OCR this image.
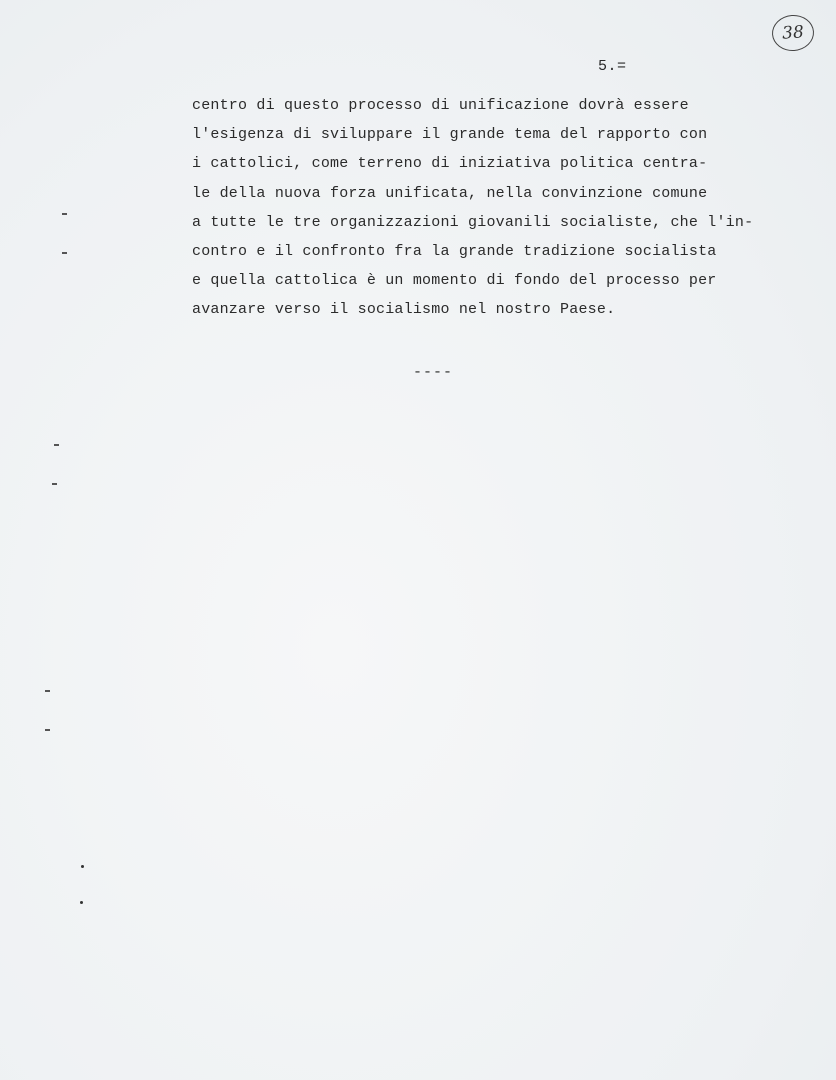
38
5.=
centro di questo processo di unificazione dovrà essere
l'esigenza di sviluppare il grande tema del rapporto con
i cattolici, come terreno di iniziativa politica centra-
le della nuova forza unificata, nella convinzione comune
a tutte le tre organizzazioni giovanili socialiste, che l'in-
contro e il confronto fra la grande tradizione socialista
e quella cattolica è un momento di fondo del processo per
avanzare verso il socialismo nel nostro Paese.
----
